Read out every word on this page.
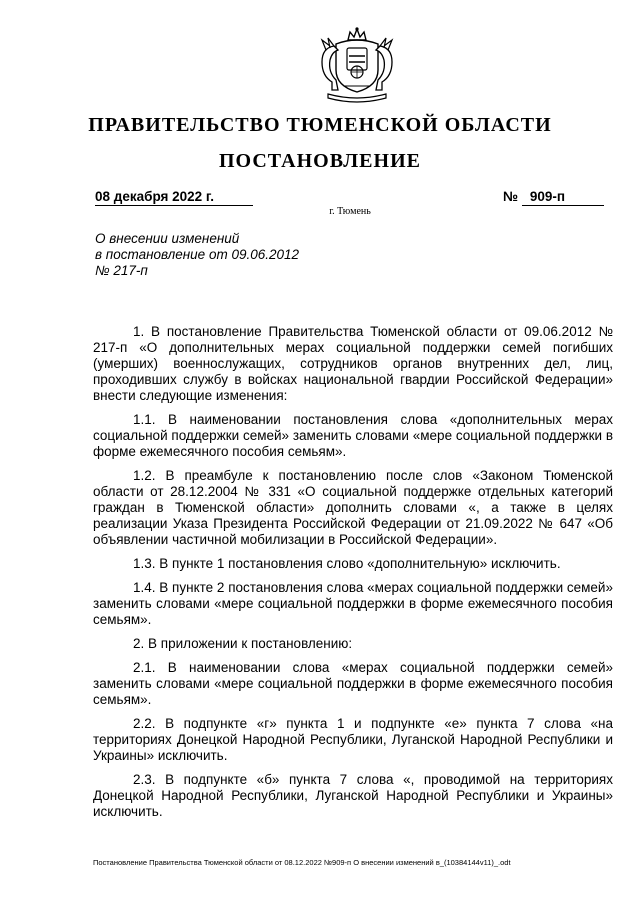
ПРАВИТЕЛЬСТВО ТЮМЕНСКОЙ ОБЛАСТИ
ПОСТАНОВЛЕНИЕ
08 декабря 2022 г.	№ 909-п
г. Тюмень
О внесении изменений
в постановление от 09.06.2012
№ 217-п

1. В постановление Правительства Тюменской области от 09.06.2012 № 217-п «О дополнительных мерах социальной поддержки семей погибших (умерших) военнослужащих, сотрудников органов внутренних дел, лиц, проходивших службу в войсках национальной гвардии Российской Федерации» внести следующие изменения:

1.1. В наименовании постановления слова «дополнительных мерах социальной поддержки семей» заменить словами «мере социальной поддержки в форме ежемесячного пособия семьям».

1.2. В преамбуле к постановлению после слов «Законом Тюменской области от 28.12.2004 № 331 «О социальной поддержке отдельных категорий граждан в Тюменской области» дополнить словами «, а также в целях реализации Указа Президента Российской Федерации от 21.09.2022 № 647 «Об объявлении частичной мобилизации в Российской Федерации».

1.3. В пункте 1 постановления слово «дополнительную» исключить.

1.4. В пункте 2 постановления слова «мерах социальной поддержки семей» заменить словами «мере социальной поддержки в форме ежемесячного пособия семьям».

2. В приложении к постановлению:

2.1. В наименовании слова «мерах социальной поддержки семей» заменить словами «мере социальной поддержки в форме ежемесячного пособия семьям».

2.2. В подпункте «г» пункта 1 и подпункте «е» пункта 7 слова «на территориях Донецкой Народной Республики, Луганской Народной Республики и Украины» исключить.

2.3. В подпункте «б» пункта 7 слова «, проводимой на территориях Донецкой Народной Республики, Луганской Народной Республики и Украины» исключить.

Постановление Правительства Тюменской области от 08.12.2022 №909-п О внесении изменений в_(10384144v11)_.odt
